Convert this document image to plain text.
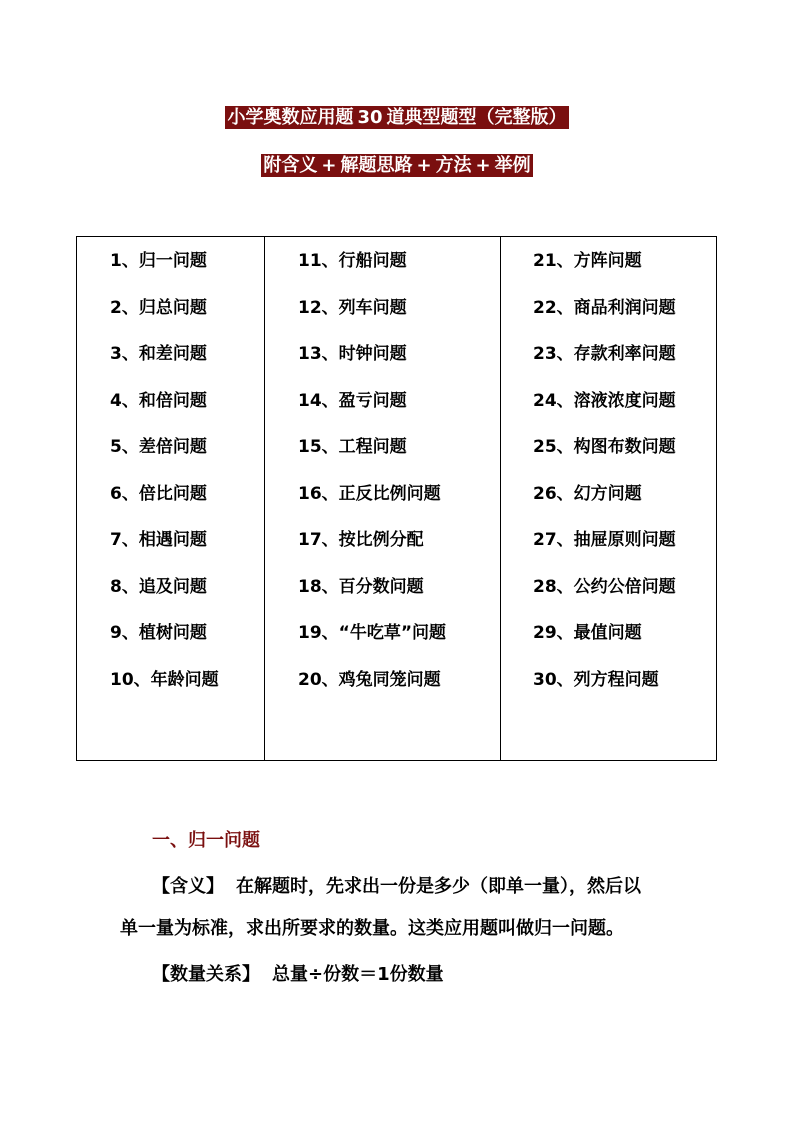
小学奥数应用题 30 道典型题型（完整版）
附含义 + 解题思路 + 方法 + 举例
1、归一问题
2、归总问题
3、和差问题
4、和倍问题
5、差倍问题
6、倍比问题
7、相遇问题
8、追及问题
9、植树问题
10、年龄问题
11、行船问题
12、列车问题
13、时钟问题
14、盈亏问题
15、工程问题
16、正反比例问题
17、按比例分配
18、百分数问题
19、“牛吃草”问题
20、鸡兔同笼问题
21、方阵问题
22、商品利润问题
23、存款利率问题
24、溶液浓度问题
25、构图布数问题
26、幻方问题
27、抽屉原则问题
28、公约公倍问题
29、最值问题
30、列方程问题
一、归一问题
【含义】 在解题时，先求出一份是多少（即单一量），然后以
单一量为标准，求出所要求的数量。这类应用题叫做归一问题。
【数量关系】 总量÷份数＝1份数量
